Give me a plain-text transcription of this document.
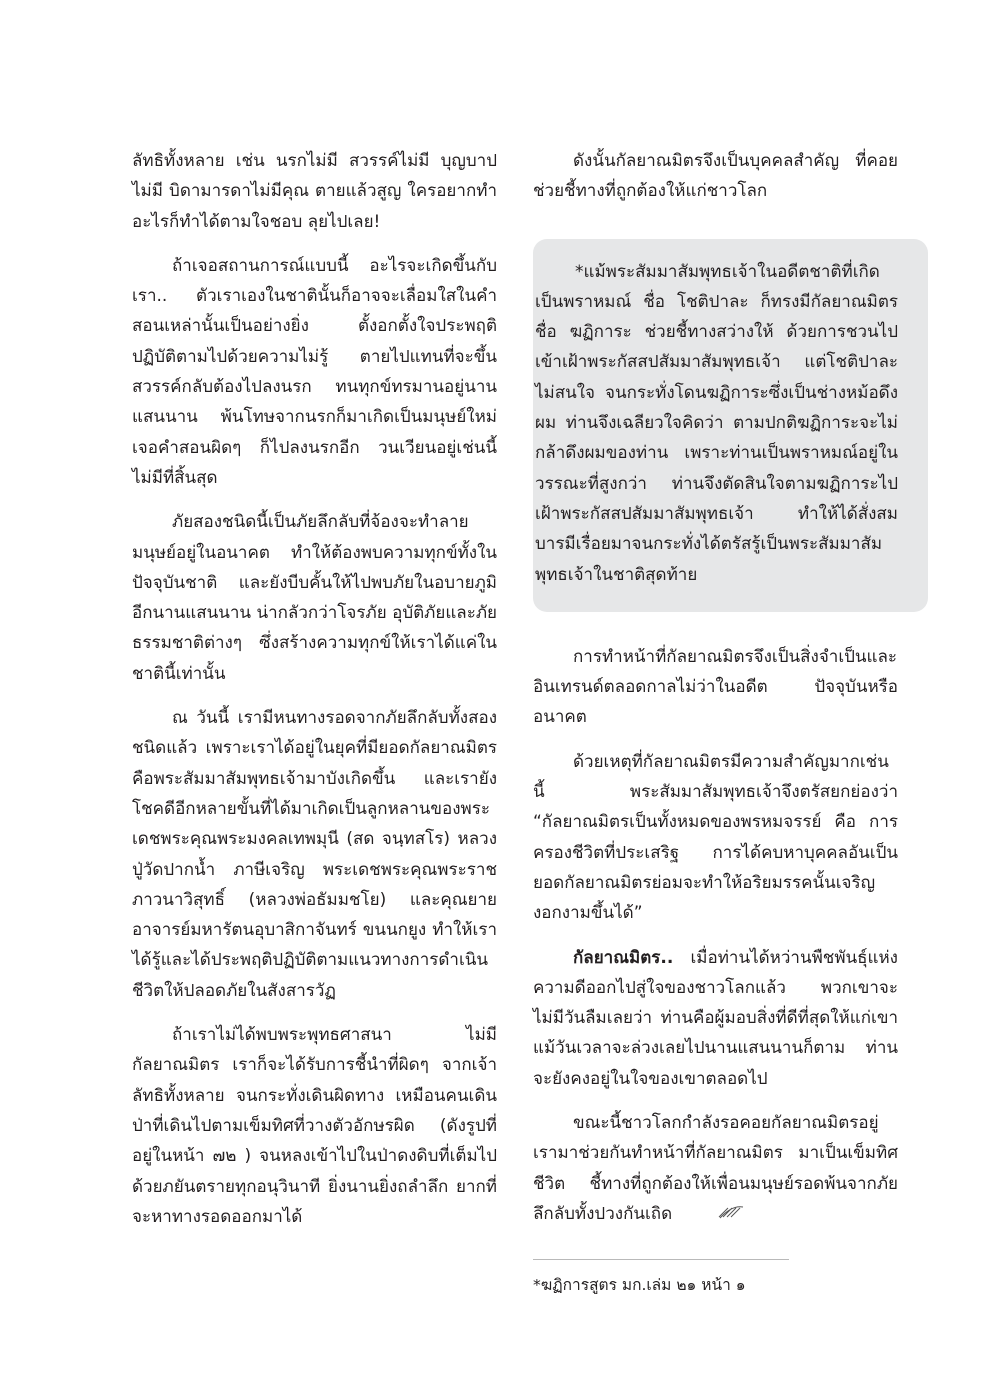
ลัทธิทั้งหลาย เช่น นรกไม่มี สวรรค์ไม่มี บุญบาปไม่มี บิดามารดาไม่มีคุณ ตายแล้วสูญ ใครอยากทำอะไรก็ทำได้ตามใจชอบ ลุยไปเลย!

ถ้าเจอสถานการณ์แบบนี้ อะไรจะเกิดขึ้นกับเรา.. ตัวเราเองในชาตินั้นก็อาจจะเลื่อมใสในคำสอนเหล่านั้นเป็นอย่างยิ่ง ตั้งอกตั้งใจประพฤติปฏิบัติตามไปด้วยความไม่รู้ ตายไปแทนที่จะขึ้นสวรรค์กลับต้องไปลงนรก ทนทุกข์ทรมานอยู่นานแสนนาน พ้นโทษจากนรกก็มาเกิดเป็นมนุษย์ใหม่ เจอคำสอนผิดๆ ก็ไปลงนรกอีก วนเวียนอยู่เช่นนี้ไม่มีที่สิ้นสุด

ภัยสองชนิดนี้เป็นภัยลึกลับที่จ้องจะทำลายมนุษย์อยู่ในอนาคต ทำให้ต้องพบความทุกข์ทั้งในปัจจุบันชาติ และยังบีบคั้นให้ไปพบภัยในอบายภูมิอีกนานแสนนาน น่ากลัวกว่าโจรภัย อุบัติภัยและภัยธรรมชาติต่างๆ ซึ่งสร้างความทุกข์ให้เราได้แค่ในชาตินี้เท่านั้น

ณ วันนี้ เรามีหนทางรอดจากภัยลึกลับทั้งสองชนิดแล้ว เพราะเราได้อยู่ในยุคที่มียอดกัลยาณมิตร คือพระสัมมาสัมพุทธเจ้ามาบังเกิดขึ้น และเรายังโชคดีอีกหลายขั้นที่ได้มาเกิดเป็นลูกหลานของพระเดชพระคุณพระมงคลเทพมุนี (สด จนฺทสโร) หลวงปู่วัดปากน้ำ ภาษีเจริญ พระเดชพระคุณพระราชภาวนาวิสุทธิ์ (หลวงพ่อธัมมชโย) และคุณยายอาจารย์มหารัตนอุบาสิกาจันทร์ ขนนกยูง ทำให้เราได้รู้และได้ประพฤติปฏิบัติตามแนวทางการดำเนินชีวิตให้ปลอดภัยในสังสารวัฏ

ถ้าเราไม่ได้พบพระพุทธศาสนา ไม่มีกัลยาณมิตร เราก็จะได้รับการชี้นำที่ผิดๆ จากเจ้าลัทธิทั้งหลาย จนกระทั่งเดินผิดทาง เหมือนคนเดินป่าที่เดินไปตามเข็มทิศที่วางตัวอักษรผิด (ดังรูปที่อยู่ในหน้า ๗๒ ) จนหลงเข้าไปในป่าดงดิบที่เต็มไปด้วยภยันตรายทุกอนุวินาที ยิ่งนานยิ่งถลำลึก ยากที่จะหาทางรอดออกมาได้

ดังนั้นกัลยาณมิตรจึงเป็นบุคคลสำคัญ ที่คอยช่วยชี้ทางที่ถูกต้องให้แก่ชาวโลก

*แม้พระสัมมาสัมพุทธเจ้าในอดีตชาติที่เกิดเป็นพราหมณ์ ชื่อ โชติปาละ ก็ทรงมีกัลยาณมิตร ชื่อ ฆฏิการะ ช่วยชี้ทางสว่างให้ ด้วยการชวนไปเข้าเฝ้าพระกัสสปสัมมาสัมพุทธเจ้า แต่โชติปาละไม่สนใจ จนกระทั่งโดนฆฏิการะซึ่งเป็นช่างหม้อดึงผม ท่านจึงเฉลียวใจคิดว่า ตามปกติฆฏิการะจะไม่กล้าดึงผมของท่าน เพราะท่านเป็นพราหมณ์อยู่ในวรรณะที่สูงกว่า ท่านจึงตัดสินใจตามฆฏิการะไปเฝ้าพระกัสสปสัมมาสัมพุทธเจ้า ทำให้ได้สั่งสมบารมีเรื่อยมาจนกระทั่งได้ตรัสรู้เป็นพระสัมมาสัมพุทธเจ้าในชาติสุดท้าย

การทำหน้าที่กัลยาณมิตรจึงเป็นสิ่งจำเป็นและอินเทรนด์ตลอดกาลไม่ว่าในอดีต ปัจจุบันหรืออนาคต

ด้วยเหตุที่กัลยาณมิตรมีความสำคัญมากเช่นนี้ พระสัมมาสัมพุทธเจ้าจึงตรัสยกย่องว่า “กัลยาณมิตรเป็นทั้งหมดของพรหมจรรย์ คือ การครองชีวิตที่ประเสริฐ การได้คบหาบุคคลอันเป็นยอดกัลยาณมิตรย่อมจะทำให้อริยมรรคนั้นเจริญงอกงามขึ้นได้”

กัลยาณมิตร.. เมื่อท่านได้หว่านพืชพันธุ์แห่งความดีออกไปสู่ใจของชาวโลกแล้ว พวกเขาจะไม่มีวันลืมเลยว่า ท่านคือผู้มอบสิ่งที่ดีที่สุดให้แก่เขา แม้วันเวลาจะล่วงเลยไปนานแสนนานก็ตาม ท่านจะยังคงอยู่ในใจของเขาตลอดไป

ขณะนี้ชาวโลกกำลังรอคอยกัลยาณมิตรอยู่ เรามาช่วยกันทำหน้าที่กัลยาณมิตร มาเป็นเข็มทิศชีวิต ชี้ทางที่ถูกต้องให้เพื่อนมนุษย์รอดพ้นจากภัยลึกลับทั้งปวงกันเถิด

*ฆฏิการสูตร มก.เล่ม ๒๑ หน้า ๑
